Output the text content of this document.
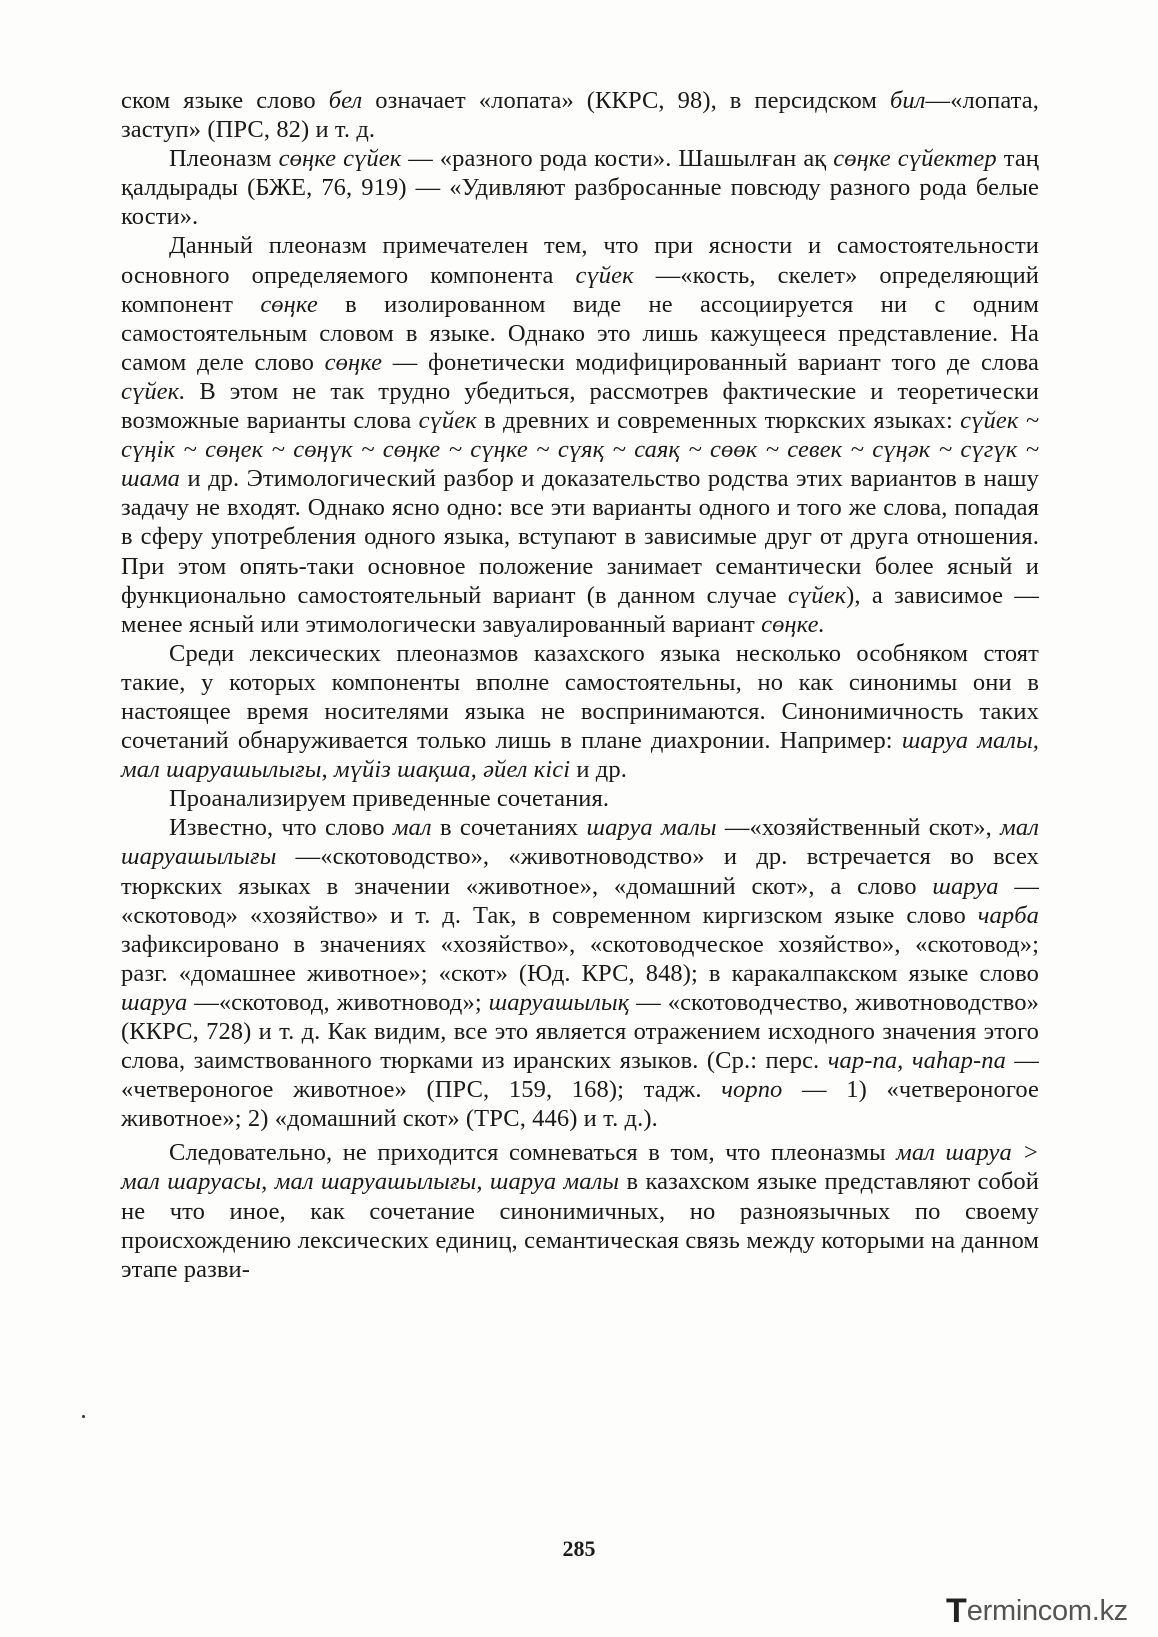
ском языке слово бел означает «лопата» (ККРС, 98), в персидском бил—«лопата, заступ» (ПРС, 82) и т. д.

Плеоназм сөңке сүйек — «разного рода кости». Шашылған ақ сөңке сүйектер таң қалдырады (БЖЕ, 76, 919) — «Удивляют разбросанные повсюду разного рода белые кости».

Данный плеоназм примечателен тем, что при ясности и самостоятельности основного определяемого компонента сүйек —«кость, скелет» определяющий компонент сөңке в изолированном виде не ассоциируется ни с одним самостоятельным словом в языке. Однако это лишь кажущееся представление. На самом деле слово сөңке — фонетически модифицированный вариант того де слова сүйек. В этом не так трудно убедиться, рассмотрев фактические и теоретически возможные варианты слова сүйек в древних и современных тюркских языках: сүйек ~ сүңік ~ сөңек ~ сөңүк ~ сөңке ~ сүңке ~ сүяқ ~ саяқ ~ сөөк ~ севек ~ сүңәк ~ сүгүк ~ шама и др. Этимологический разбор и доказательство родства этих вариантов в нашу задачу не входят. Однако ясно одно: все эти варианты одного и того же слова, попадая в сферу употребления одного языка, вступают в зависимые друг от друга отношения. При этом опять-таки основное положение занимает семантически более ясный и функционально самостоятельный вариант (в данном случае сүйек), а зависимое — менее ясный или этимологически завуалированный вариант сөңке.

Среди лексических плеоназмов казахского языка несколько особняком стоят такие, у которых компоненты вполне самостоятельны, но как синонимы они в настоящее время носителями языка не воспринимаются. Синонимичность таких сочетаний обнаруживается только лишь в плане диахронии. Например: шаруа малы, мал шаруашылығы, мүйіз шақша, әйел кісі и др.

Проанализируем приведенные сочетания.

Известно, что слово мал в сочетаниях шаруа малы —«хозяйственный скот», мал шаруашылығы —«скотоводство», «животноводство» и др. встречается во всех тюркских языках в значении «животное», «домашний скот», а слово шаруа — «скотовод» «хозяйство» и т. д. Так, в современном киргизском языке слово чарба зафиксировано в значениях «хозяйство», «скотоводческое хозяйство», «скотовод»; разг. «домашнее животное»; «скот» (Юд. КРС, 848); в каракалпакском языке слово шаруа —«скотовод, животновод»; шаруашылық — «скотоводчество, животноводство» (ККРС, 728) и т. д. Как видим, все это является отражением исходного значения этого слова, заимствованного тюрками из иранских языков. (Ср.: перс. чар-па, чаһар-па — «четвероногое животное» (ПРС, 159, 168); тадж. чорпо — 1) «четвероногое животное»; 2) «домашний скот» (ТРС, 446) и т. д.).

Следовательно, не приходится сомневаться в том, что плеоназмы мал шаруа > мал шаруасы, мал шаруашылығы, шаруа малы в казахском языке представляют собой не что иное, как сочетание синонимичных, но разноязычных по своему происхождению лексических единиц, семантическая связь между которыми на данном этапе разви-

285
T ermincom .kz
